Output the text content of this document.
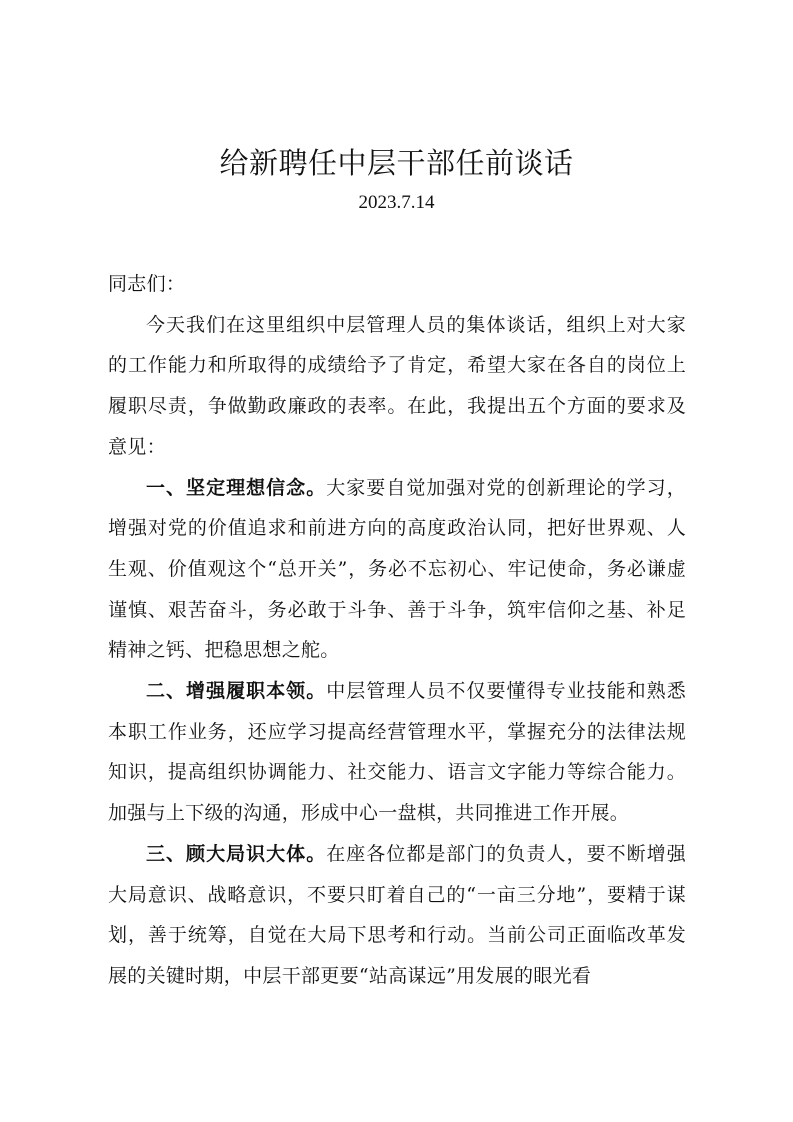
给新聘任中层干部任前谈话
2023.7.14

同志们：

今天我们在这里组织中层管理人员的集体谈话，组织上对大家的工作能力和所取得的成绩给予了肯定，希望大家在各自的岗位上履职尽责，争做勤政廉政的表率。在此，我提出五个方面的要求及意见：

一、坚定理想信念。大家要自觉加强对党的创新理论的学习，增强对党的价值追求和前进方向的高度政治认同，把好世界观、人生观、价值观这个“总开关”，务必不忘初心、牢记使命，务必谦虚谨慎、艰苦奋斗，务必敢于斗争、善于斗争，筑牢信仰之基、补足精神之钙、把稳思想之舵。

二、增强履职本领。中层管理人员不仅要懂得专业技能和熟悉本职工作业务，还应学习提高经营管理水平，掌握充分的法律法规知识，提高组织协调能力、社交能力、语言文字能力等综合能力。加强与上下级的沟通，形成中心一盘棋，共同推进工作开展。

三、顾大局识大体。在座各位都是部门的负责人，要不断增强大局意识、战略意识，不要只盯着自己的“一亩三分地”，要精于谋划，善于统筹，自觉在大局下思考和行动。当前公司正面临改革发展的关键时期，中层干部更要“站高谋远”用发展的眼光看
